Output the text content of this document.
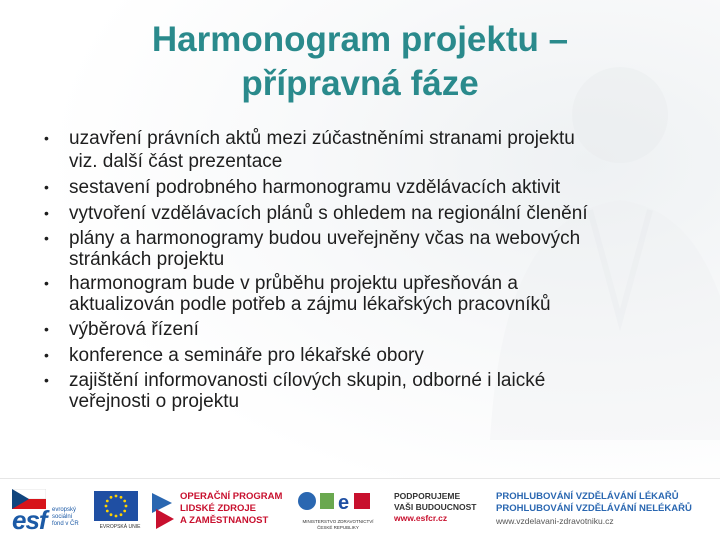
Harmonogram projektu –
přípravná fáze
• uzavření právních aktů mezi zúčastněními stranami projektu
viz. další část prezentace
• sestavení podrobného harmonogramu vzdělávacích aktivit
• vytvoření vzdělávacích plánů s ohledem na regionální členění
• plány a harmonogramy budou uveřejněny včas na webových
stránkách projektu
• harmonogram bude v průběhu projektu upřesňován a
aktualizován podle potřeb a zájmu lékařských pracovníků
• výběrová řízení
• konference a semináře pro lékařské obory
• zajištění informovanosti cílových skupin, odborné i laické
veřejnosti o projektu
esf evropský
sociální
fond v ČR	EVROPSKÁ UNIE
OPERAČNÍ PROGRAM
LIDSKÉ ZDROJE
A ZAMĚSTNANOST
e
MINISTERSTVO ZDRAVOTNICTVÍ
ČESKÉ REPUBLIKY
PODPORUJEME
VAŠI BUDOUCNOST
www.esfcr.cz
PROHLUBOVÁNÍ VZDĚLÁVÁNÍ LÉKAŘŮ
PROHLUBOVÁNÍ VZDĚLÁVÁNÍ NELÉKAŘŮ
www.vzdelavani-zdravotniku.cz
